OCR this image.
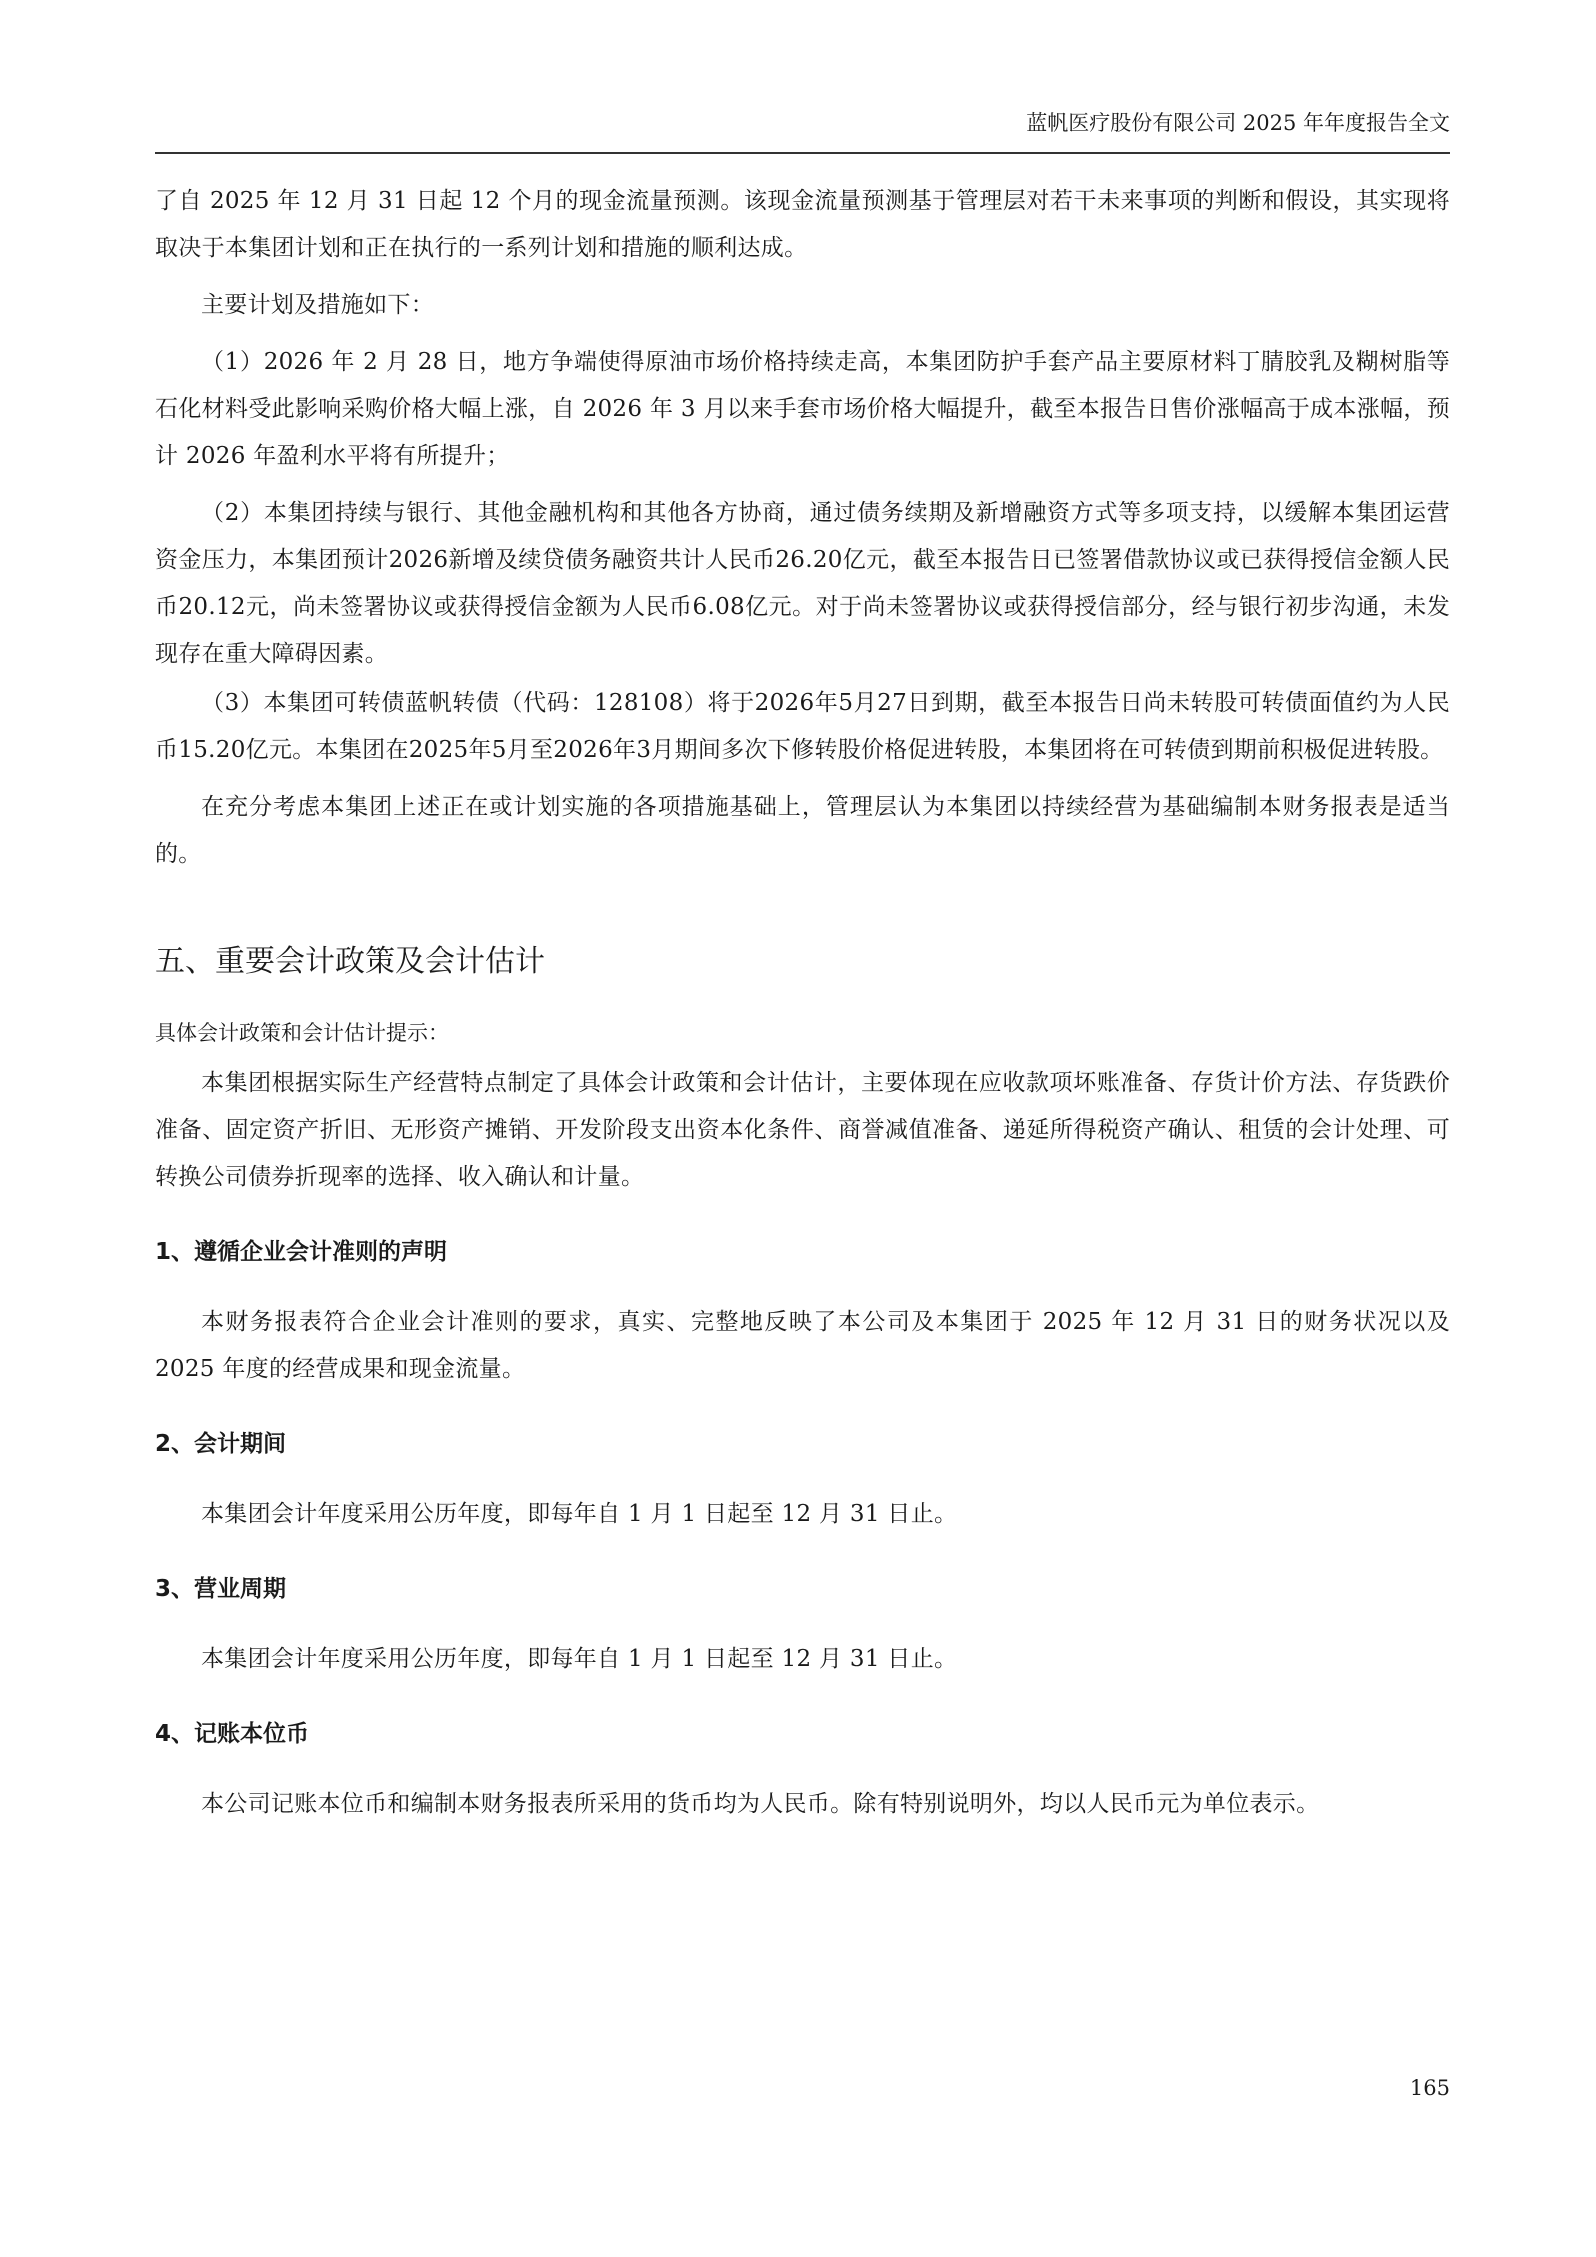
蓝帆医疗股份有限公司 2025 年年度报告全文

了自 2025 年 12 月 31 日起 12 个月的现金流量预测。该现金流量预测基于管理层对若干未来事项的判断和假设，其实现将取决于本集团计划和正在执行的一系列计划和措施的顺利达成。

主要计划及措施如下：

（1）2026 年 2 月 28 日，地方争端使得原油市场价格持续走高，本集团防护手套产品主要原材料丁腈胶乳及糊树脂等石化材料受此影响采购价格大幅上涨，自 2026 年 3 月以来手套市场价格大幅提升，截至本报告日售价涨幅高于成本涨幅，预计 2026 年盈利水平将有所提升；

（2）本集团持续与银行、其他金融机构和其他各方协商，通过债务续期及新增融资方式等多项支持，以缓解本集团运营资金压力，本集团预计2026新增及续贷债务融资共计人民币26.20亿元，截至本报告日已签署借款协议或已获得授信金额人民币20.12元，尚未签署协议或获得授信金额为人民币6.08亿元。对于尚未签署协议或获得授信部分，经与银行初步沟通，未发现存在重大障碍因素。

（3）本集团可转债蓝帆转债（代码：128108）将于2026年5月27日到期，截至本报告日尚未转股可转债面值约为人民币15.20亿元。本集团在2025年5月至2026年3月期间多次下修转股价格促进转股，本集团将在可转债到期前积极促进转股。

在充分考虑本集团上述正在或计划实施的各项措施基础上，管理层认为本集团以持续经营为基础编制本财务报表是适当的。

五、重要会计政策及会计估计
具体会计政策和会计估计提示：

本集团根据实际生产经营特点制定了具体会计政策和会计估计，主要体现在应收款项坏账准备、存货计价方法、存货跌价准备、固定资产折旧、无形资产摊销、开发阶段支出资本化条件、商誉减值准备、递延所得税资产确认、租赁的会计处理、可转换公司债券折现率的选择、收入确认和计量。

1、遵循企业会计准则的声明

本财务报表符合企业会计准则的要求，真实、完整地反映了本公司及本集团于 2025 年 12 月 31 日的财务状况以及 2025 年度的经营成果和现金流量。

2、会计期间

本集团会计年度采用公历年度，即每年自 1 月 1 日起至 12 月 31 日止。

3、营业周期

本集团会计年度采用公历年度，即每年自 1 月 1 日起至 12 月 31 日止。

4、记账本位币

本公司记账本位币和编制本财务报表所采用的货币均为人民币。除有特别说明外，均以人民币元为单位表示。

165
